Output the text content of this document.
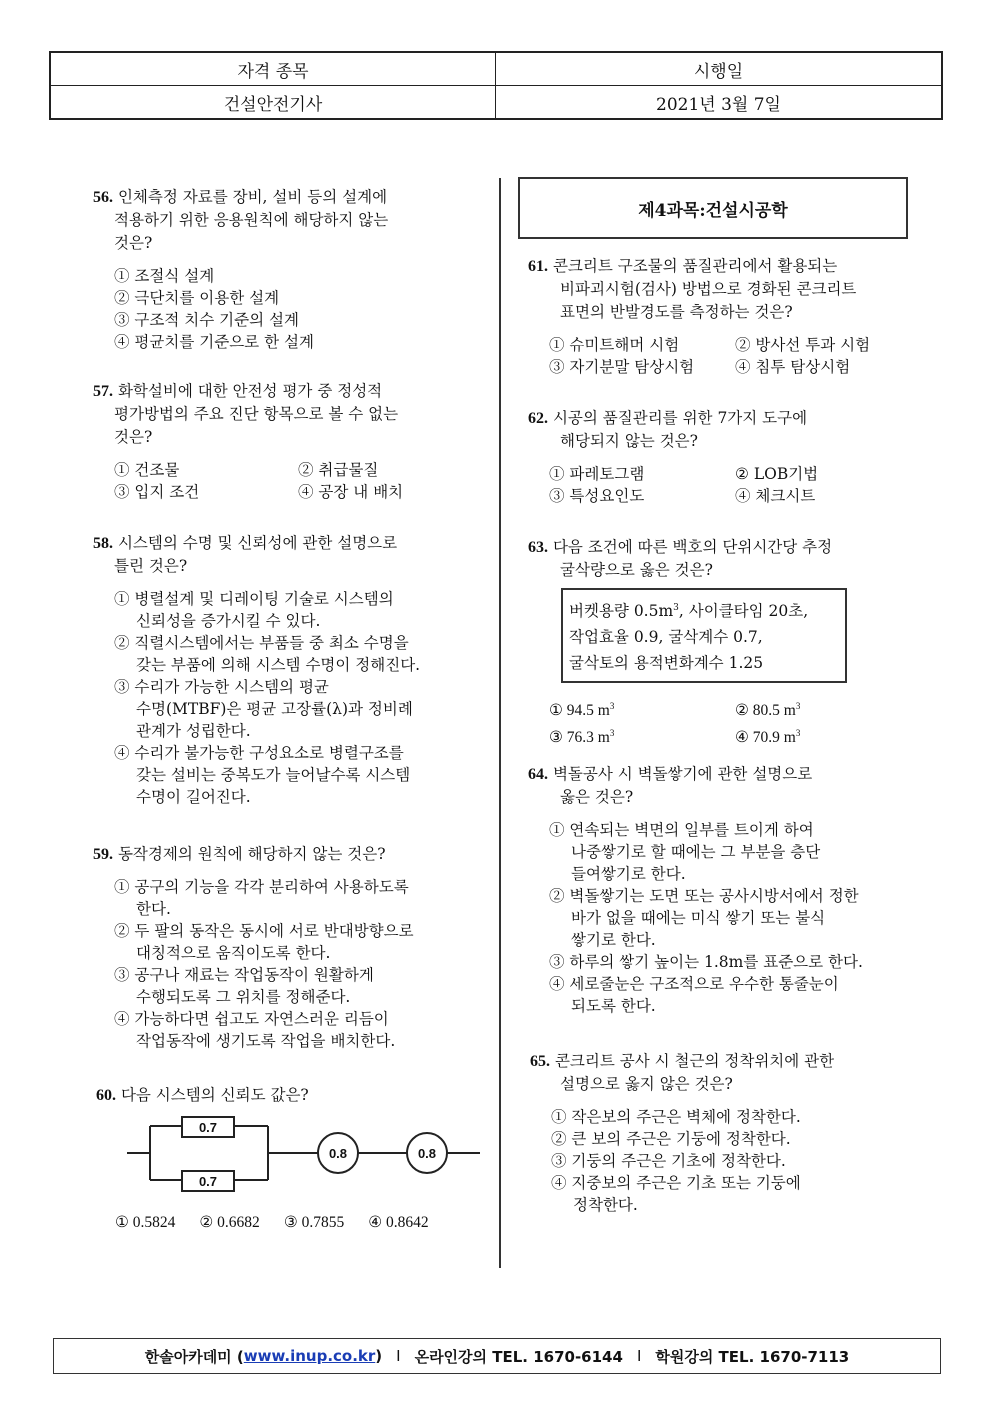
자격 종목	시행일
건설안전기사	2021년 3월 7일
56. 인체측정 자료를 장비, 설비 등의 설계에
적용하기 위한 응용원칙에 해당하지 않는
것은?
① 조절식 설계
② 극단치를 이용한 설계
③ 구조적 치수 기준의 설계
④ 평균치를 기준으로 한 설계
57. 화학설비에 대한 안전성 평가 중 정성적
평가방법의 주요 진단 항목으로 볼 수 없는
것은?
① 건조물	② 취급물질
③ 입지 조건	④ 공장 내 배치
58. 시스템의 수명 및 신뢰성에 관한 설명으로
틀린 것은?
① 병렬설계 및 디레이팅 기술로 시스템의
신뢰성을 증가시킬 수 있다.
② 직렬시스템에서는 부품들 중 최소 수명을
갖는 부품에 의해 시스템 수명이 정해진다.
③ 수리가 가능한 시스템의 평균
수명(MTBF)은 평균 고장률(λ)과 정비례
관계가 성립한다.
④ 수리가 불가능한 구성요소로 병렬구조를
갖는 설비는 중복도가 늘어날수록 시스템
수명이 길어진다.
59. 동작경제의 원칙에 해당하지 않는 것은?
① 공구의 기능을 각각 분리하여 사용하도록
한다.
② 두 팔의 동작은 동시에 서로 반대방향으로
대칭적으로 움직이도록 한다.
③ 공구나 재료는 작업동작이 원활하게
수행되도록 그 위치를 정해준다.
④ 가능하다면 쉽고도 자연스러운 리듬이
작업동작에 생기도록 작업을 배치한다.
60. 다음 시스템의 신뢰도 값은?
0.7
0.7
0.8	0.8
① 0.5824 ② 0.6682 ③ 0.7855 ④ 0.8642
제4과목:건설시공학
61. 콘크리트 구조물의 품질관리에서 활용되는
비파괴시험(검사) 방법으로 경화된 콘크리트
표면의 반발경도를 측정하는 것은?
① 슈미트해머 시험	② 방사선 투과 시험
③ 자기분말 탐상시험	④ 침투 탐상시험
62. 시공의 품질관리를 위한 7가지 도구에
해당되지 않는 것은?
① 파레토그램	② LOB기법
③ 특성요인도	④ 체크시트
63. 다음 조건에 따른 백호의 단위시간당 추정
굴삭량으로 옳은 것은?
버켓용량 $0.5m^3$, 사이클타임 20초,
작업효율 0.9, 굴삭계수 0.7,
굴삭토의 용적변화계수 1.25
① 94.5 $m^3$	② 80.5 $m^3$
③ 76.3 $m^3$	④ 70.9 $m^3$
64. 벽돌공사 시 벽돌쌓기에 관한 설명으로
옳은 것은?
① 연속되는 벽면의 일부를 트이게 하여
나중쌓기로 할 때에는 그 부분을 층단
들여쌓기로 한다.
② 벽돌쌓기는 도면 또는 공사시방서에서 정한
바가 없을 때에는 미식 쌓기 또는 불식
쌓기로 한다.
③ 하루의 쌓기 높이는 1.8m를 표준으로 한다.
④ 세로줄눈은 구조적으로 우수한 통줄눈이
되도록 한다.
65. 콘크리트 공사 시 철근의 정착위치에 관한
설명으로 옳지 않은 것은?
① 작은보의 주근은 벽체에 정착한다.
② 큰 보의 주근은 기둥에 정착한다.
③ 기둥의 주근은 기초에 정착한다.
④ 지중보의 주근은 기초 또는 기둥에
정착한다.
한솔아카데미 ( www.inup.co.kr ) I 온라인강의 TEL. 1670-6144 I 학원강의 TEL. 1670-7113
